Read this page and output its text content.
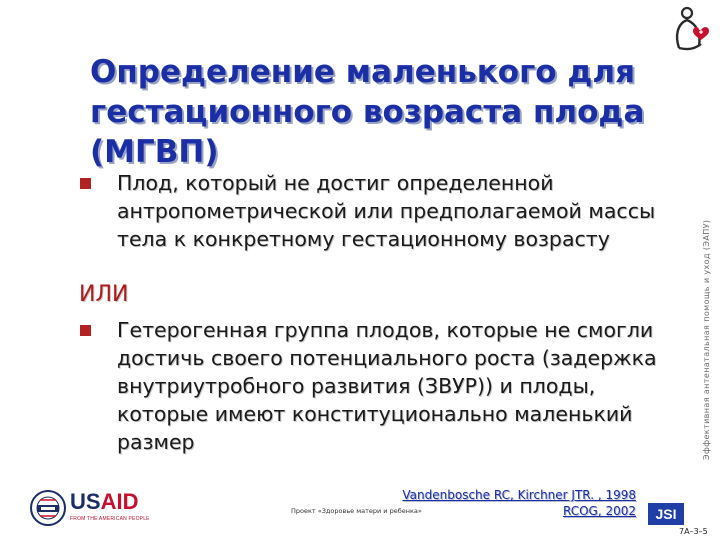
Определение маленького для гестационного возраста плода (МГВП)
Плод, который не достиг определенной антропометрической или предполагаемой массы тела к конкретному гестационному возрасту
ИЛИ
Гетерогенная группа плодов, которые не смогли достичь своего потенциального роста (задержка внутриутробного развития (ЗВУР)) и плоды, которые имеют конституционально маленький размер	Эффективная антенатальная помощь и уход (ЭАПУ)
USAID
FROM THE AMERICAN PEOPLE
Проект «Здоровье матери и ребенка»
Vandenbosche RC, Kirchner JTR. , 1998
RCOG, 2002	JSI
7A–3–5
